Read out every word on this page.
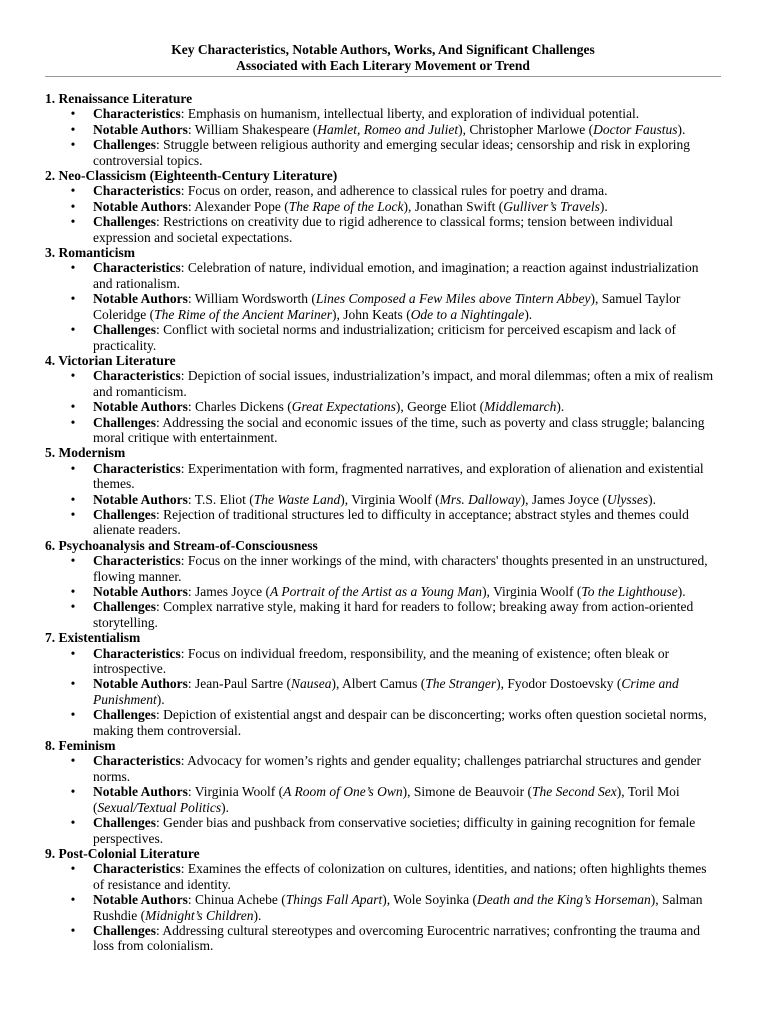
Key Characteristics, Notable Authors, Works, And Significant Challenges
Associated with Each Literary Movement or Trend
1. Renaissance Literature
• Characteristics: Emphasis on humanism, intellectual liberty, and exploration of individual potential.
• Notable Authors: William Shakespeare (Hamlet, Romeo and Juliet), Christopher Marlowe (Doctor Faustus).
• Challenges: Struggle between religious authority and emerging secular ideas; censorship and risk in exploring controversial topics.
2. Neo-Classicism (Eighteenth-Century Literature)
• Characteristics: Focus on order, reason, and adherence to classical rules for poetry and drama.
• Notable Authors: Alexander Pope (The Rape of the Lock), Jonathan Swift (Gulliver’s Travels).
• Challenges: Restrictions on creativity due to rigid adherence to classical forms; tension between individual expression and societal expectations.
3. Romanticism
• Characteristics: Celebration of nature, individual emotion, and imagination; a reaction against industrialization and rationalism.
• Notable Authors: William Wordsworth (Lines Composed a Few Miles above Tintern Abbey), Samuel Taylor Coleridge (The Rime of the Ancient Mariner), John Keats (Ode to a Nightingale).
• Challenges: Conflict with societal norms and industrialization; criticism for perceived escapism and lack of practicality.
4. Victorian Literature
• Characteristics: Depiction of social issues, industrialization’s impact, and moral dilemmas; often a mix of realism and romanticism.
• Notable Authors: Charles Dickens (Great Expectations), George Eliot (Middlemarch).
• Challenges: Addressing the social and economic issues of the time, such as poverty and class struggle; balancing moral critique with entertainment.
5. Modernism
• Characteristics: Experimentation with form, fragmented narratives, and exploration of alienation and existential themes.
• Notable Authors: T.S. Eliot (The Waste Land), Virginia Woolf (Mrs. Dalloway), James Joyce (Ulysses).
• Challenges: Rejection of traditional structures led to difficulty in acceptance; abstract styles and themes could alienate readers.
6. Psychoanalysis and Stream-of-Consciousness
• Characteristics: Focus on the inner workings of the mind, with characters' thoughts presented in an unstructured, flowing manner.
• Notable Authors: James Joyce (A Portrait of the Artist as a Young Man), Virginia Woolf (To the Lighthouse).
• Challenges: Complex narrative style, making it hard for readers to follow; breaking away from action-oriented storytelling.
7. Existentialism
• Characteristics: Focus on individual freedom, responsibility, and the meaning of existence; often bleak or introspective.
• Notable Authors: Jean-Paul Sartre (Nausea), Albert Camus (The Stranger), Fyodor Dostoevsky (Crime and Punishment).
• Challenges: Depiction of existential angst and despair can be disconcerting; works often question societal norms, making them controversial.
8. Feminism
• Characteristics: Advocacy for women’s rights and gender equality; challenges patriarchal structures and gender norms.
• Notable Authors: Virginia Woolf (A Room of One’s Own), Simone de Beauvoir (The Second Sex), Toril Moi (Sexual/Textual Politics).
• Challenges: Gender bias and pushback from conservative societies; difficulty in gaining recognition for female perspectives.
9. Post-Colonial Literature
• Characteristics: Examines the effects of colonization on cultures, identities, and nations; often highlights themes of resistance and identity.
• Notable Authors: Chinua Achebe (Things Fall Apart), Wole Soyinka (Death and the King’s Horseman), Salman Rushdie (Midnight’s Children).
• Challenges: Addressing cultural stereotypes and overcoming Eurocentric narratives; confronting the trauma and loss from colonialism.
